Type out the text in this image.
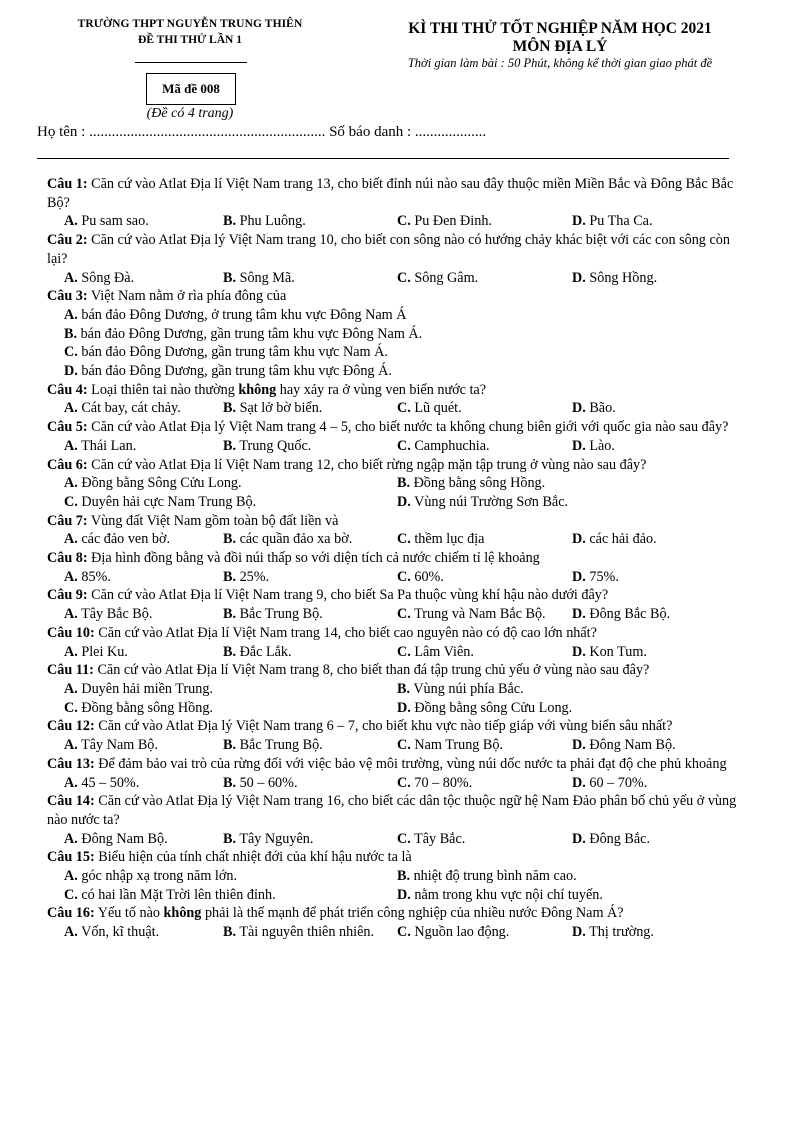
TRƯỜNG THPT NGUYỄN TRUNG THIÊN
ĐỀ THI THỬ LẦN 1
Mã đề 008
(Đề có 4 trang)
KÌ THI THỬ TỐT NGHIỆP NĂM HỌC 2021
MÔN ĐỊA LÝ
Thời gian làm bài : 50 Phút, không kể thời gian giao phát đề
Họ tên : ............................................................... Số báo danh : ...................
Câu 1: Căn cứ vào Atlat Địa lí Việt Nam trang 13, cho biết đỉnh núi nào sau đây thuộc miền Miền Bắc và Đông Bắc Bắc Bộ?
A. Pu sam sao.	B. Phu Luông.	C. Pu Đen Đinh.	D. Pu Tha Ca.
Câu 2: Căn cứ vào Atlat Địa lý Việt Nam trang 10, cho biết con sông nào có hướng chảy khác biệt với các con sông còn lại?
A. Sông Đà.	B. Sông Mã.	C. Sông Gâm.	D. Sông Hồng.
Câu 3: Việt Nam nằm ở rìa phía đông của
A. bán đảo Đông Dương, ở trung tâm khu vực Đông Nam Á
B. bán đảo Đông Dương, gần trung tâm khu vực Đông Nam Á.
C. bán đảo Đông Dương, gần trung tâm khu vực Nam Á.
D. bán đảo Đông Dương, gần trung tâm khu vực Đông Á.
Câu 4: Loại thiên tai nào thường không hay xảy ra ở vùng ven biển nước ta?
A. Cát bay, cát chảy.	B. Sạt lở bờ biển.	C. Lũ quét.	D. Bão.
Câu 5: Căn cứ vào Atlat Địa lý Việt Nam trang 4 – 5, cho biết nước ta không chung biên giới với quốc gia nào sau đây?
A. Thái Lan.	B. Trung Quốc.	C. Camphuchia.	D. Lào.
Câu 6: Căn cứ vào Atlat Địa lí Việt Nam trang 12, cho biết rừng ngập mặn tập trung ở vùng nào sau đây?
A. Đồng bằng Sông Cửu Long.	B. Đồng bằng sông Hồng.
C. Duyên hải cực Nam Trung Bộ.	D. Vùng núi Trường Sơn Bắc.
Câu 7: Vùng đất Việt Nam gồm toàn bộ đất liền và
A. các đảo ven bờ.	B. các quần đảo xa bờ.	C. thềm lục địa	D. các hải đảo.
Câu 8: Địa hình đồng bằng và đồi núi thấp so với diện tích cả nước chiếm tỉ lệ khoảng
A. 85%.	B. 25%.	C. 60%.	D. 75%.
Câu 9: Căn cứ vào Atlat Địa lí Việt Nam trang 9, cho biết Sa Pa thuộc vùng khí hậu nào dưới đây?
A. Tây Bắc Bộ.	B. Bắc Trung Bộ.	C. Trung và Nam Bắc Bộ.	D. Đông Bắc Bộ.
Câu 10: Căn cứ vào Atlat Địa lí Việt Nam trang 14, cho biết cao nguyên nào có độ cao lớn nhất?
A. Plei Ku.	B. Đắc Lắk.	C. Lâm Viên.	D. Kon Tum.
Câu 11: Căn cứ vào Atlat Địa lí Việt Nam trang 8, cho biết than đá tập trung chủ yếu ở vùng nào sau đây?
A. Duyên hải miền Trung.	B. Vùng núi phía Bắc.
C. Đồng bằng sông Hồng.	D. Đồng bằng sông Cửu Long.
Câu 12: Căn cứ vào Atlat Địa lý Việt Nam trang 6 – 7, cho biết khu vực nào tiếp giáp với vùng biển sâu nhất?
A. Tây Nam Bộ.	B. Bắc Trung Bộ.	C. Nam Trung Bộ.	D. Đông Nam Bộ.
Câu 13: Để đảm bảo vai trò của rừng đối với việc bảo vệ môi trường, vùng núi dốc nước ta phải đạt độ che phủ khoảng
A. 45 – 50%.	B. 50 – 60%.	C. 70 – 80%.	D. 60 – 70%.
Câu 14: Căn cứ vào Atlat Địa lý Việt Nam trang 16, cho biết các dân tộc thuộc ngữ hệ Nam Đảo phân bố chủ yếu ở vùng nào nước ta?
A. Đông Nam Bộ.	B. Tây Nguyên.	C. Tây Bắc.	D. Đông Bắc.
Câu 15: Biểu hiện của tính chất nhiệt đới của khí hậu nước ta là
A. góc nhập xạ trong năm lớn.	B. nhiệt độ trung bình năm cao.
C. có hai lần Mặt Trời lên thiên đỉnh.	D. nằm trong khu vực nội chí tuyến.
Câu 16: Yếu tố nào không phải là thế mạnh để phát triển công nghiệp của nhiều nước Đông Nam Á?
A. Vốn, kĩ thuật.	B. Tài nguyên thiên nhiên.	C. Nguồn lao động.	D. Thị trường.
